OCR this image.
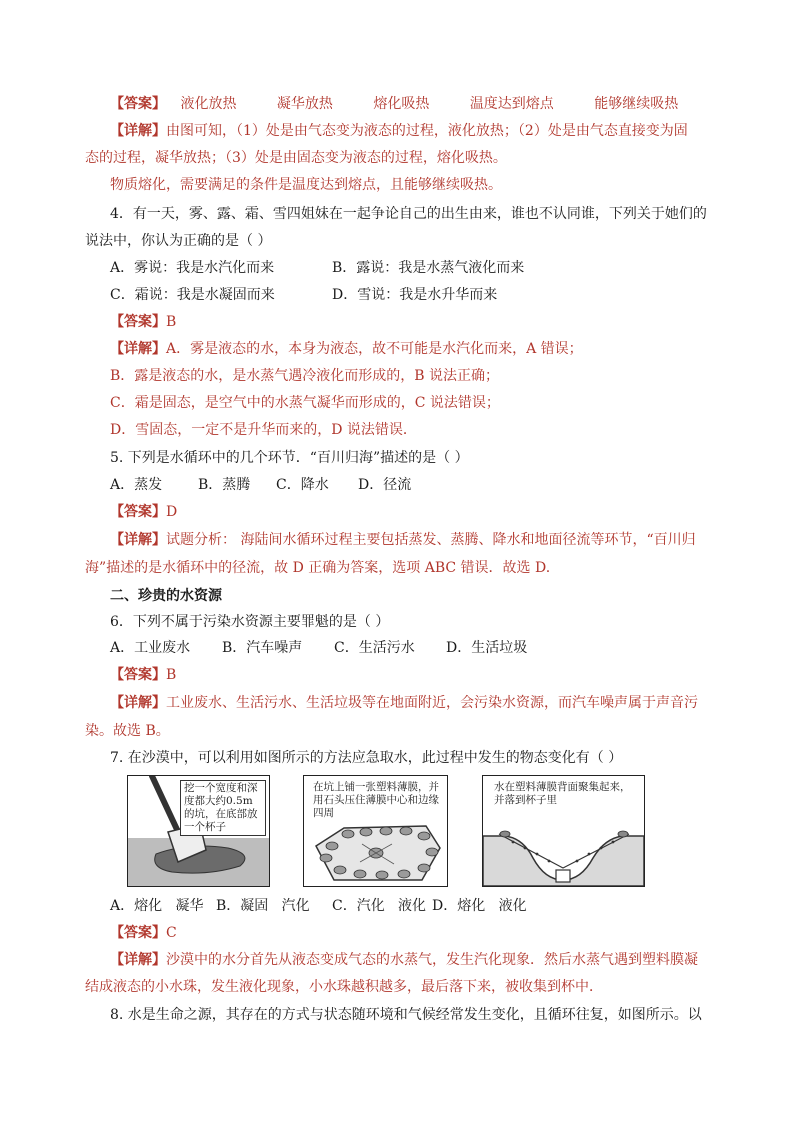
【答案】 液化放热	凝华放热	熔化吸热	温度达到熔点	能够继续吸热
【详解】由图可知，（1）处是由气态变为液态的过程，液化放热；（2）处是由气态直接变为固
态的过程，凝华放热；（3）处是由固态变为液态的过程，熔化吸热。
物质熔化，需要满足的条件是温度达到熔点，且能够继续吸热。
4．有一天，雾、露、霜、雪四姐妹在一起争论自己的出生由来，谁也不认同谁，下列关于她们的
说法中，你认为正确的是（ ）
A．雾说：我是水汽化而来	B．露说：我是水蒸气液化而来
C．霜说：我是水凝固而来	D．雪说：我是水升华而来
【答案】B
【详解】A．雾是液态的水，本身为液态，故不可能是水汽化而来，A 错误；
B．露是液态的水，是水蒸气遇冷液化而形成的，B 说法正确；
C．霜是固态，是空气中的水蒸气凝华而形成的，C 说法错误；
D．雪固态，一定不是升华而来的，D 说法错误．
5. 下列是水循环中的几个环节．“百川归海”描述的是（ ）
A．蒸发	B．蒸腾 C．降水 D．径流
【答案】D
【详解】试题分析： 海陆间水循环过程主要包括蒸发、蒸腾、降水和地面径流等环节，“百川归
海”描述的是水循环中的径流，故 D 正确为答案，选项 ABC 错误．故选 D.
二、珍贵的水资源
6．下列不属于污染水资源主要罪魁的是（ ）
A．工业废水 B．汽车噪声 C．生活污水 D．生活垃圾
【答案】B
【详解】工业废水、生活污水、生活垃圾等在地面附近，会污染水资源，而汽车噪声属于声音污
染。故选 B。
7. 在沙漠中，可以利用如图所示的方法应急取水，此过程中发生的物态变化有（ ）
挖一个宽度和深度都大约0.5m的坑，在底部放一个杯子
在坑上铺一张塑料薄膜，并用石头压住薄膜中心和边缘四周
水在塑料薄膜背面聚集起来，并落到杯子里
A．熔化   凝华 B．凝固   汽化 C．汽化   液化 D．熔化   液化
【答案】C
【详解】沙漠中的水分首先从液态变成气态的水蒸气，发生汽化现象．然后水蒸气遇到塑料膜凝
结成液态的小水珠，发生液化现象，小水珠越积越多，最后落下来，被收集到杯中．
8. 水是生命之源，其存在的方式与状态随环境和气候经常发生变化，且循环往复，如图所示。以
